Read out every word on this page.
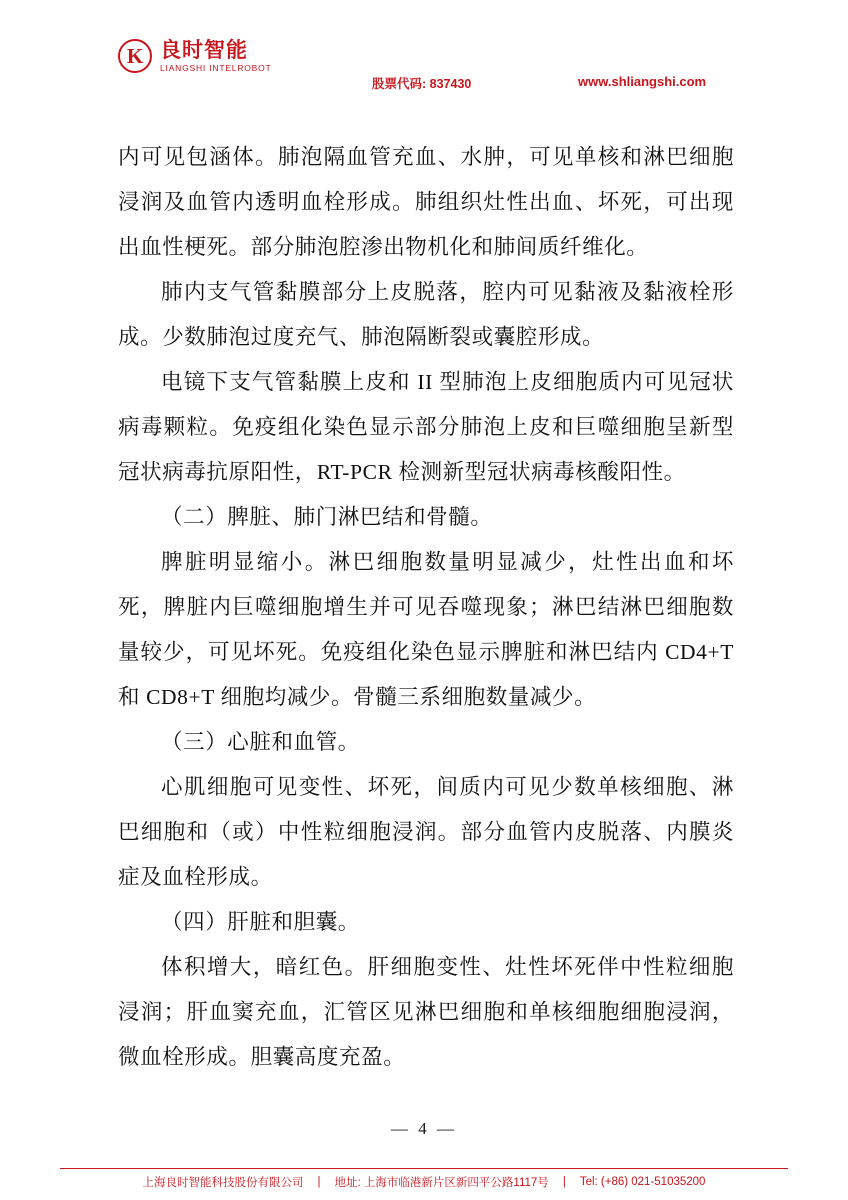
K 良时智能
LIANGSHI INTELROBOT
股票代码: 837430	www.shliangshi.com

内可见包涵体。肺泡隔血管充血、水肿，可见单核和淋巴细胞浸润及血管内透明血栓形成。肺组织灶性出血、坏死，可出现出血性梗死。部分肺泡腔渗出物机化和肺间质纤维化。

肺内支气管黏膜部分上皮脱落，腔内可见黏液及黏液栓形成。少数肺泡过度充气、肺泡隔断裂或囊腔形成。

电镜下支气管黏膜上皮和 II 型肺泡上皮细胞质内可见冠状病毒颗粒。免疫组化染色显示部分肺泡上皮和巨噬细胞呈新型冠状病毒抗原阳性，RT-PCR 检测新型冠状病毒核酸阳性。

（二）脾脏、肺门淋巴结和骨髓。

脾脏明显缩小。淋巴细胞数量明显减少，灶性出血和坏死，脾脏内巨噬细胞增生并可见吞噬现象；淋巴结淋巴细胞数量较少，可见坏死。免疫组化染色显示脾脏和淋巴结内 CD4+T 和 CD8+T 细胞均减少。骨髓三系细胞数量减少。

（三）心脏和血管。

心肌细胞可见变性、坏死，间质内可见少数单核细胞、淋巴细胞和（或）中性粒细胞浸润。部分血管内皮脱落、内膜炎症及血栓形成。

（四）肝脏和胆囊。

体积增大，暗红色。肝细胞变性、灶性坏死伴中性粒细胞浸润；肝血窦充血，汇管区见淋巴细胞和单核细胞细胞浸润，微血栓形成。胆囊高度充盈。

— 4 —
上海良时智能科技股份有限公司 | 地址: 上海市临港新片区新四平公路1117号 | Tel: (+86) 021-51035200
